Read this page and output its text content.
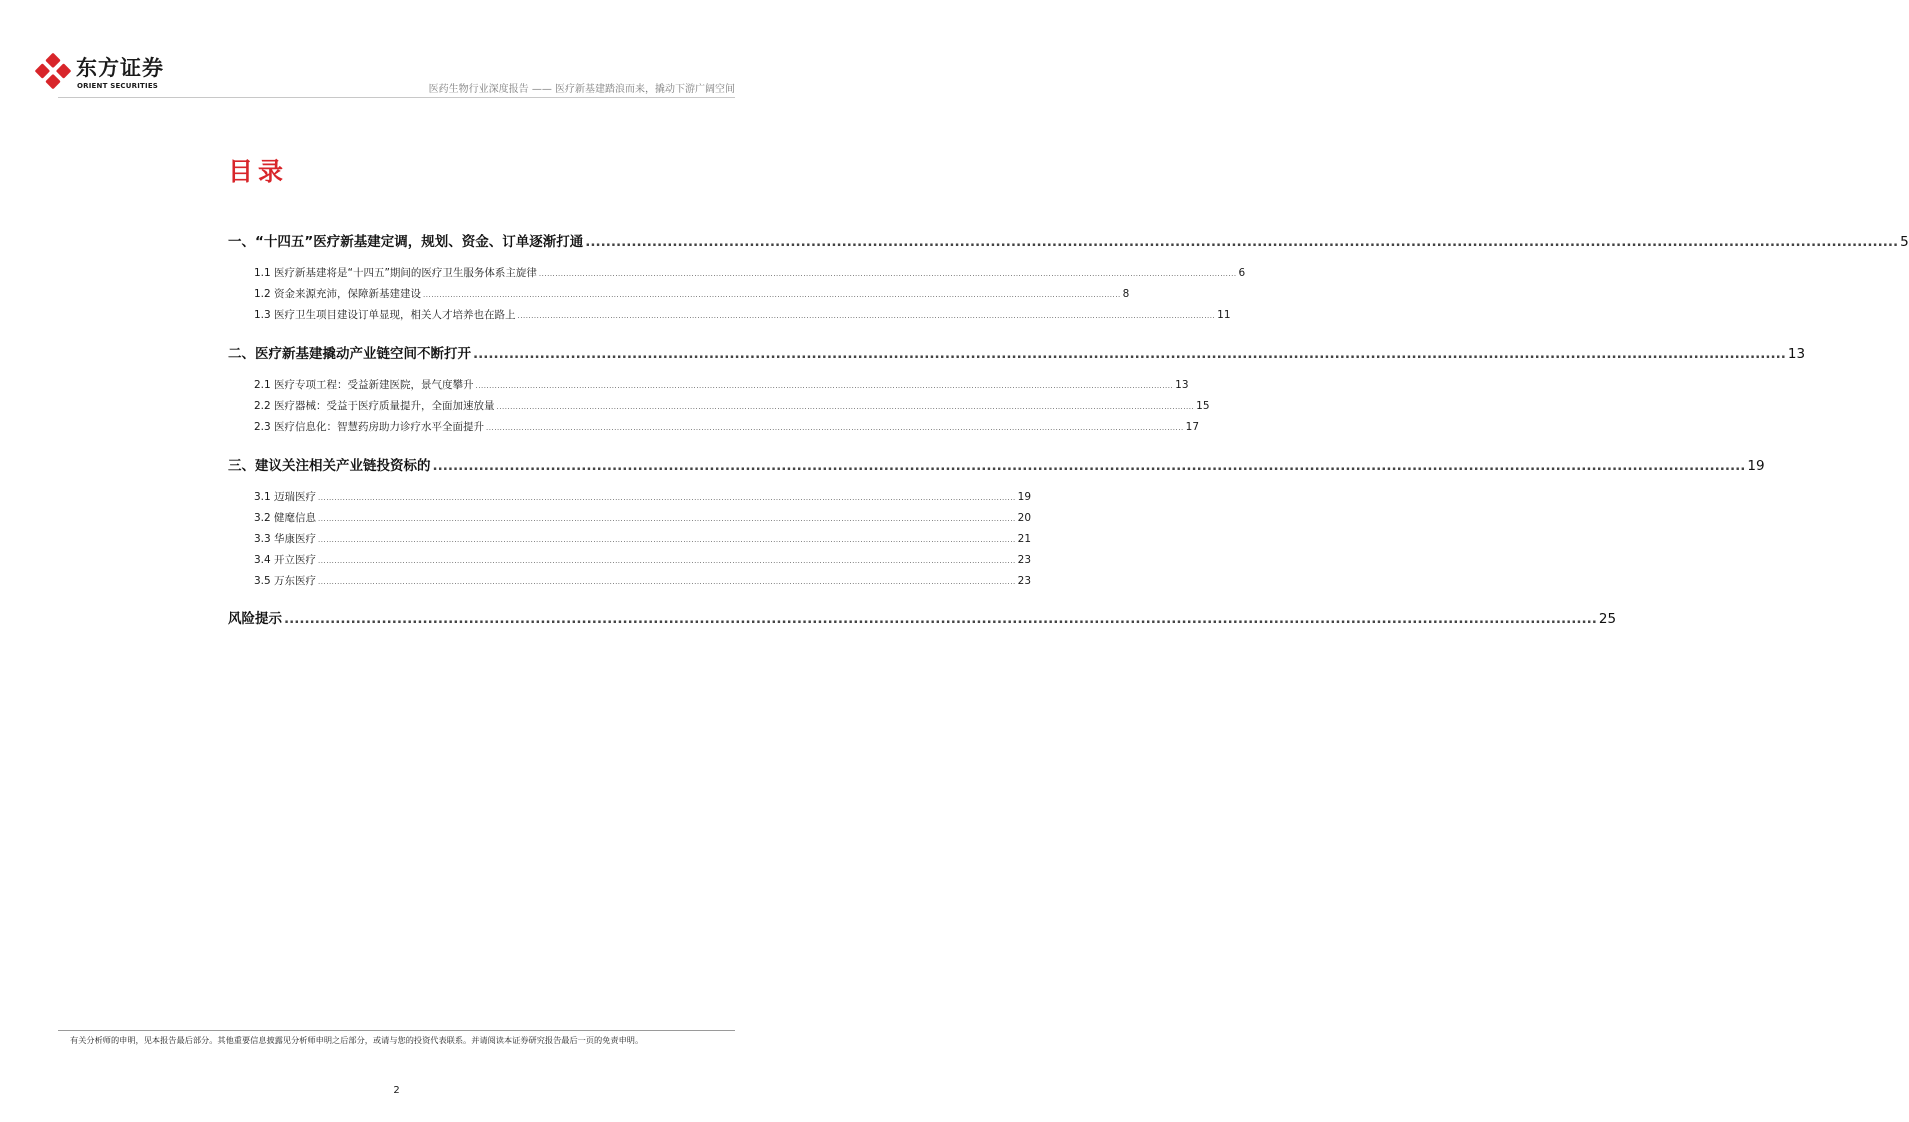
东方证券
ORIENT SECURITIES	医药生物行业深度报告 —— 医疗新基建踏浪而来，撬动下游广阔空间
目录
一、“十四五”医疗新基建定调，规划、资金、订单逐渐打通 ................................................................................................................................................................................................................................................................ 5
1.1 医疗新基建将是“十四五”期间的医疗卫生服务体系主旋律 ................................................................................................................................................................................................................................................................ 6
1.2 资金来源充沛，保障新基建建设 ................................................................................................................................................................................................................................................................ 8
1.3 医疗卫生项目建设订单显现，相关人才培养也在路上 ................................................................................................................................................................................................................................................................ 11
二、医疗新基建撬动产业链空间不断打开 ................................................................................................................................................................................................................................................................ 13
2.1 医疗专项工程：受益新建医院，景气度攀升 ................................................................................................................................................................................................................................................................ 13
2.2 医疗器械：受益于医疗质量提升，全面加速放量 ................................................................................................................................................................................................................................................................ 15
2.3 医疗信息化：智慧药房助力诊疗水平全面提升 ................................................................................................................................................................................................................................................................ 17
三、建议关注相关产业链投资标的 ................................................................................................................................................................................................................................................................ 19
3.1 迈瑞医疗 ................................................................................................................................................................................................................................................................ 19
3.2 健麾信息 ................................................................................................................................................................................................................................................................ 20
3.3 华康医疗 ................................................................................................................................................................................................................................................................ 21
3.4 开立医疗 ................................................................................................................................................................................................................................................................ 23
3.5 万东医疗 ................................................................................................................................................................................................................................................................ 23
风险提示 ................................................................................................................................................................................................................................................................ 25
有关分析师的申明，见本报告最后部分。其他重要信息披露见分析师申明之后部分，或请与您的投资代表联系。并请阅读本证券研究报告最后一页的免责申明。
2
